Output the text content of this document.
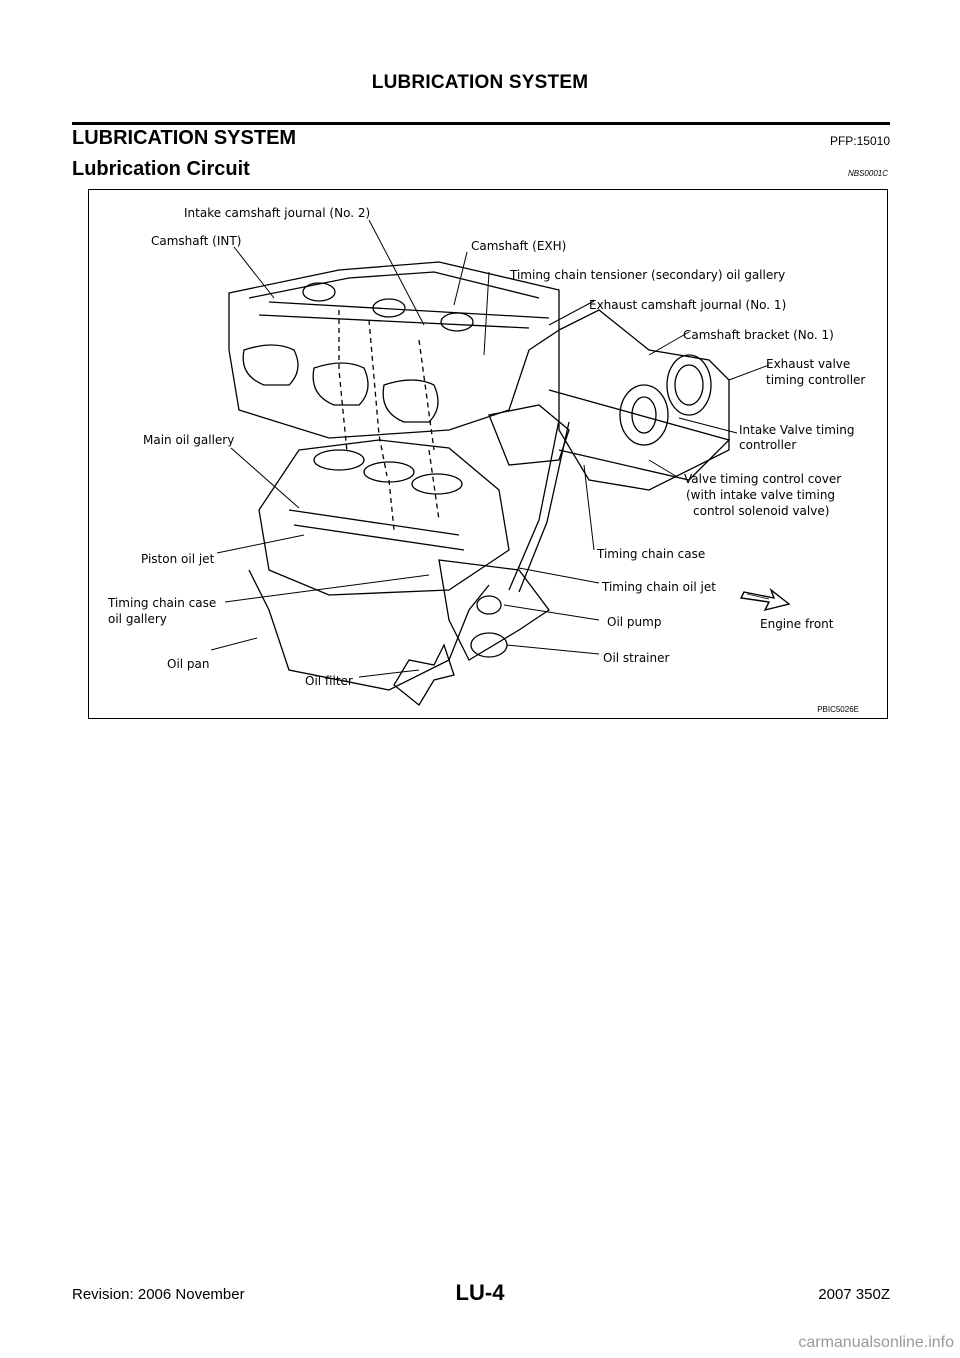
LUBRICATION SYSTEM
LUBRICATION SYSTEM	PFP:15010
Lubrication Circuit	NBS0001C
Intake camshaft journal (No. 2)
Camshaft (INT)	Camshaft (EXH)
Timing chain tensioner (secondary) oil gallery
Exhaust camshaft journal (No. 1)
Camshaft bracket (No. 1)
Exhaust valve
timing controller
Intake Valve timing
controller
Main oil gallery
Valve timing control cover
(with intake valve timing
control solenoid valve)
Piston oil jet	Timing chain case
Timing chain oil jet
Timing chain case
oil gallery	Oil pump	Engine front
Oil pan	Oil strainer
Oil filter
PBIC5026E
Revision: 2006 November	LU-4	2007 350Z
carmanualsonline.info
